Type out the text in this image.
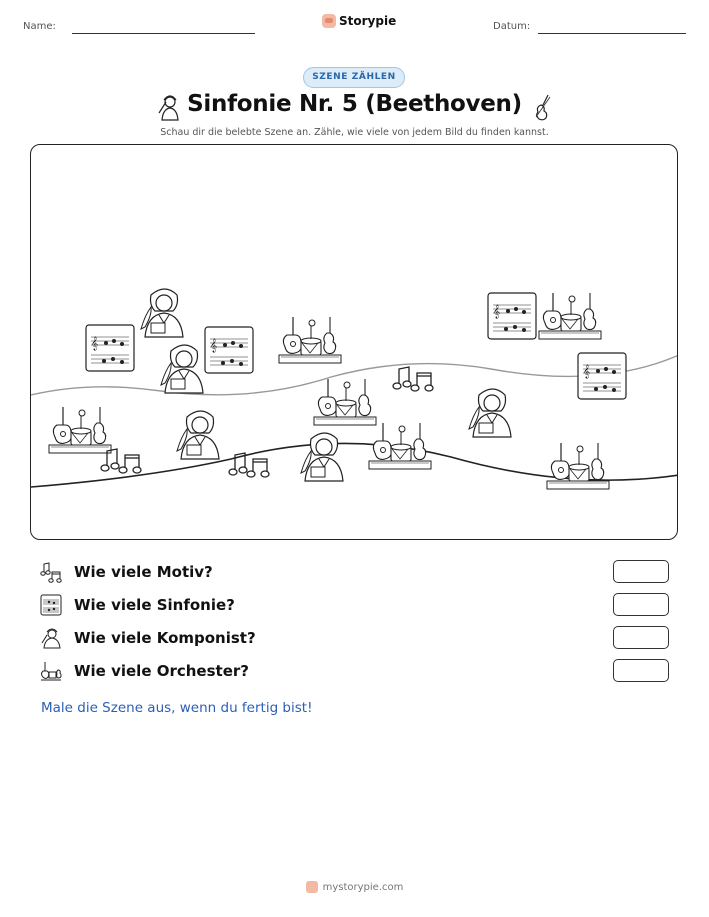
Name:	Storypie	Datum:
SZENE ZÄHLEN
Sinfonie Nr. 5 (Beethoven)
Schau dir die belebte Szene an. Zähle, wie viele von jedem Bild du finden kannst.
𝄞
Wie viele Motiv?
Wie viele Sinfonie?
Wie viele Komponist?
Wie viele Orchester?
Male die Szene aus, wenn du fertig bist!
mystorypie.com
